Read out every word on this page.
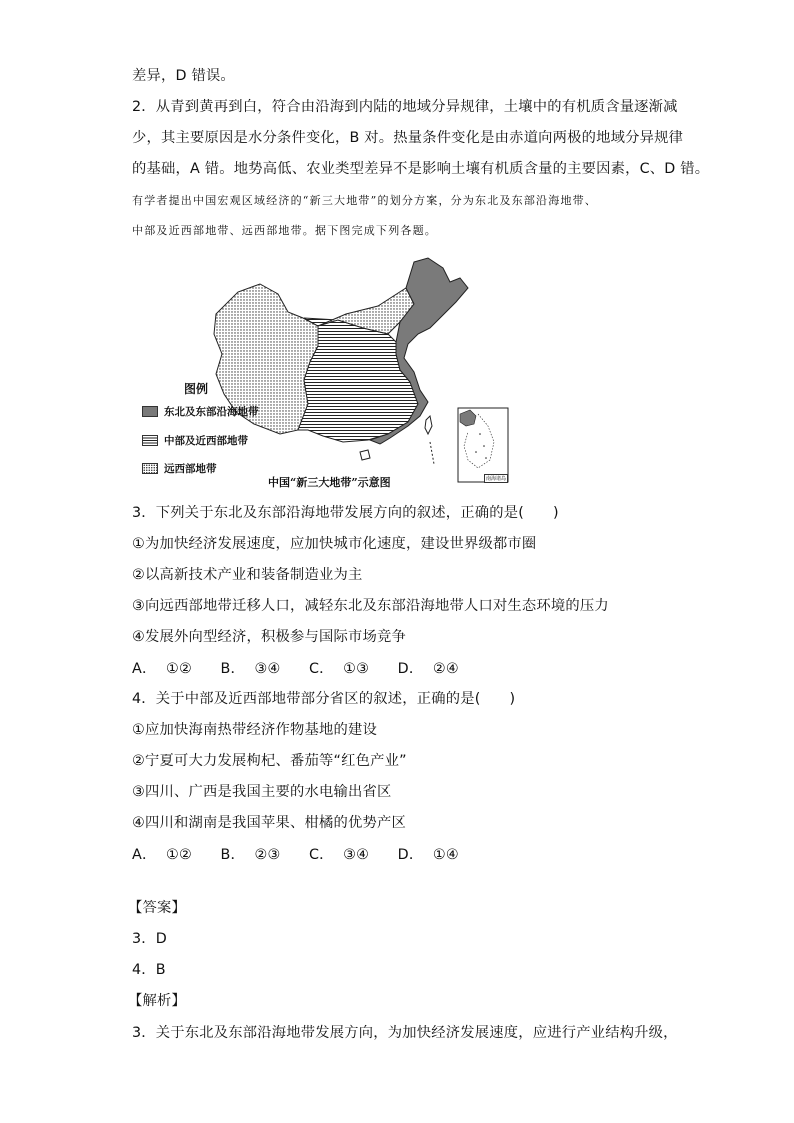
差异，D 错误。
2．从青到黄再到白，符合由沿海到内陆的地域分异规律，土壤中的有机质含量逐渐减
少，其主要原因是水分条件变化，B 对。热量条件变化是由赤道向两极的地域分异规律
的基础，A 错。地势高低、农业类型差异不是影响土壤有机质含量的主要因素，C、D 错。
有学者提出中国宏观区域经济的“新三大地带”的划分方案，分为东北及东部沿海地带、
中部及近西部地带、远西部地带。据下图完成下列各题。
图例
东北及东部沿海地带
中部及近西部地带
远西部地带
中国“新三大地带”示意图	南海诸岛
3．下列关于东北及东部沿海地带发展方向的叙述，正确的是(　　)
①为加快经济发展速度，应加快城市化速度，建设世界级都市圈
②以高新技术产业和装备制造业为主
③向远西部地带迁移人口，减轻东北及东部沿海地带人口对生态环境的压力
④发展外向型经济，积极参与国际市场竞争
A．  ①②      B．  ③④      C．  ①③      D．  ②④
4．关于中部及近西部地带部分省区的叙述，正确的是(　　)
①应加快海南热带经济作物基地的建设
②宁夏可大力发展枸杞、番茄等“红色产业”
③四川、广西是我国主要的水电输出省区
④四川和湖南是我国苹果、柑橘的优势产区
A．  ①②      B．  ②③      C．  ③④      D．  ①④
【答案】
3．D
4．B
【解析】
3．关于东北及东部沿海地带发展方向，为加快经济发展速度，应进行产业结构升级，
